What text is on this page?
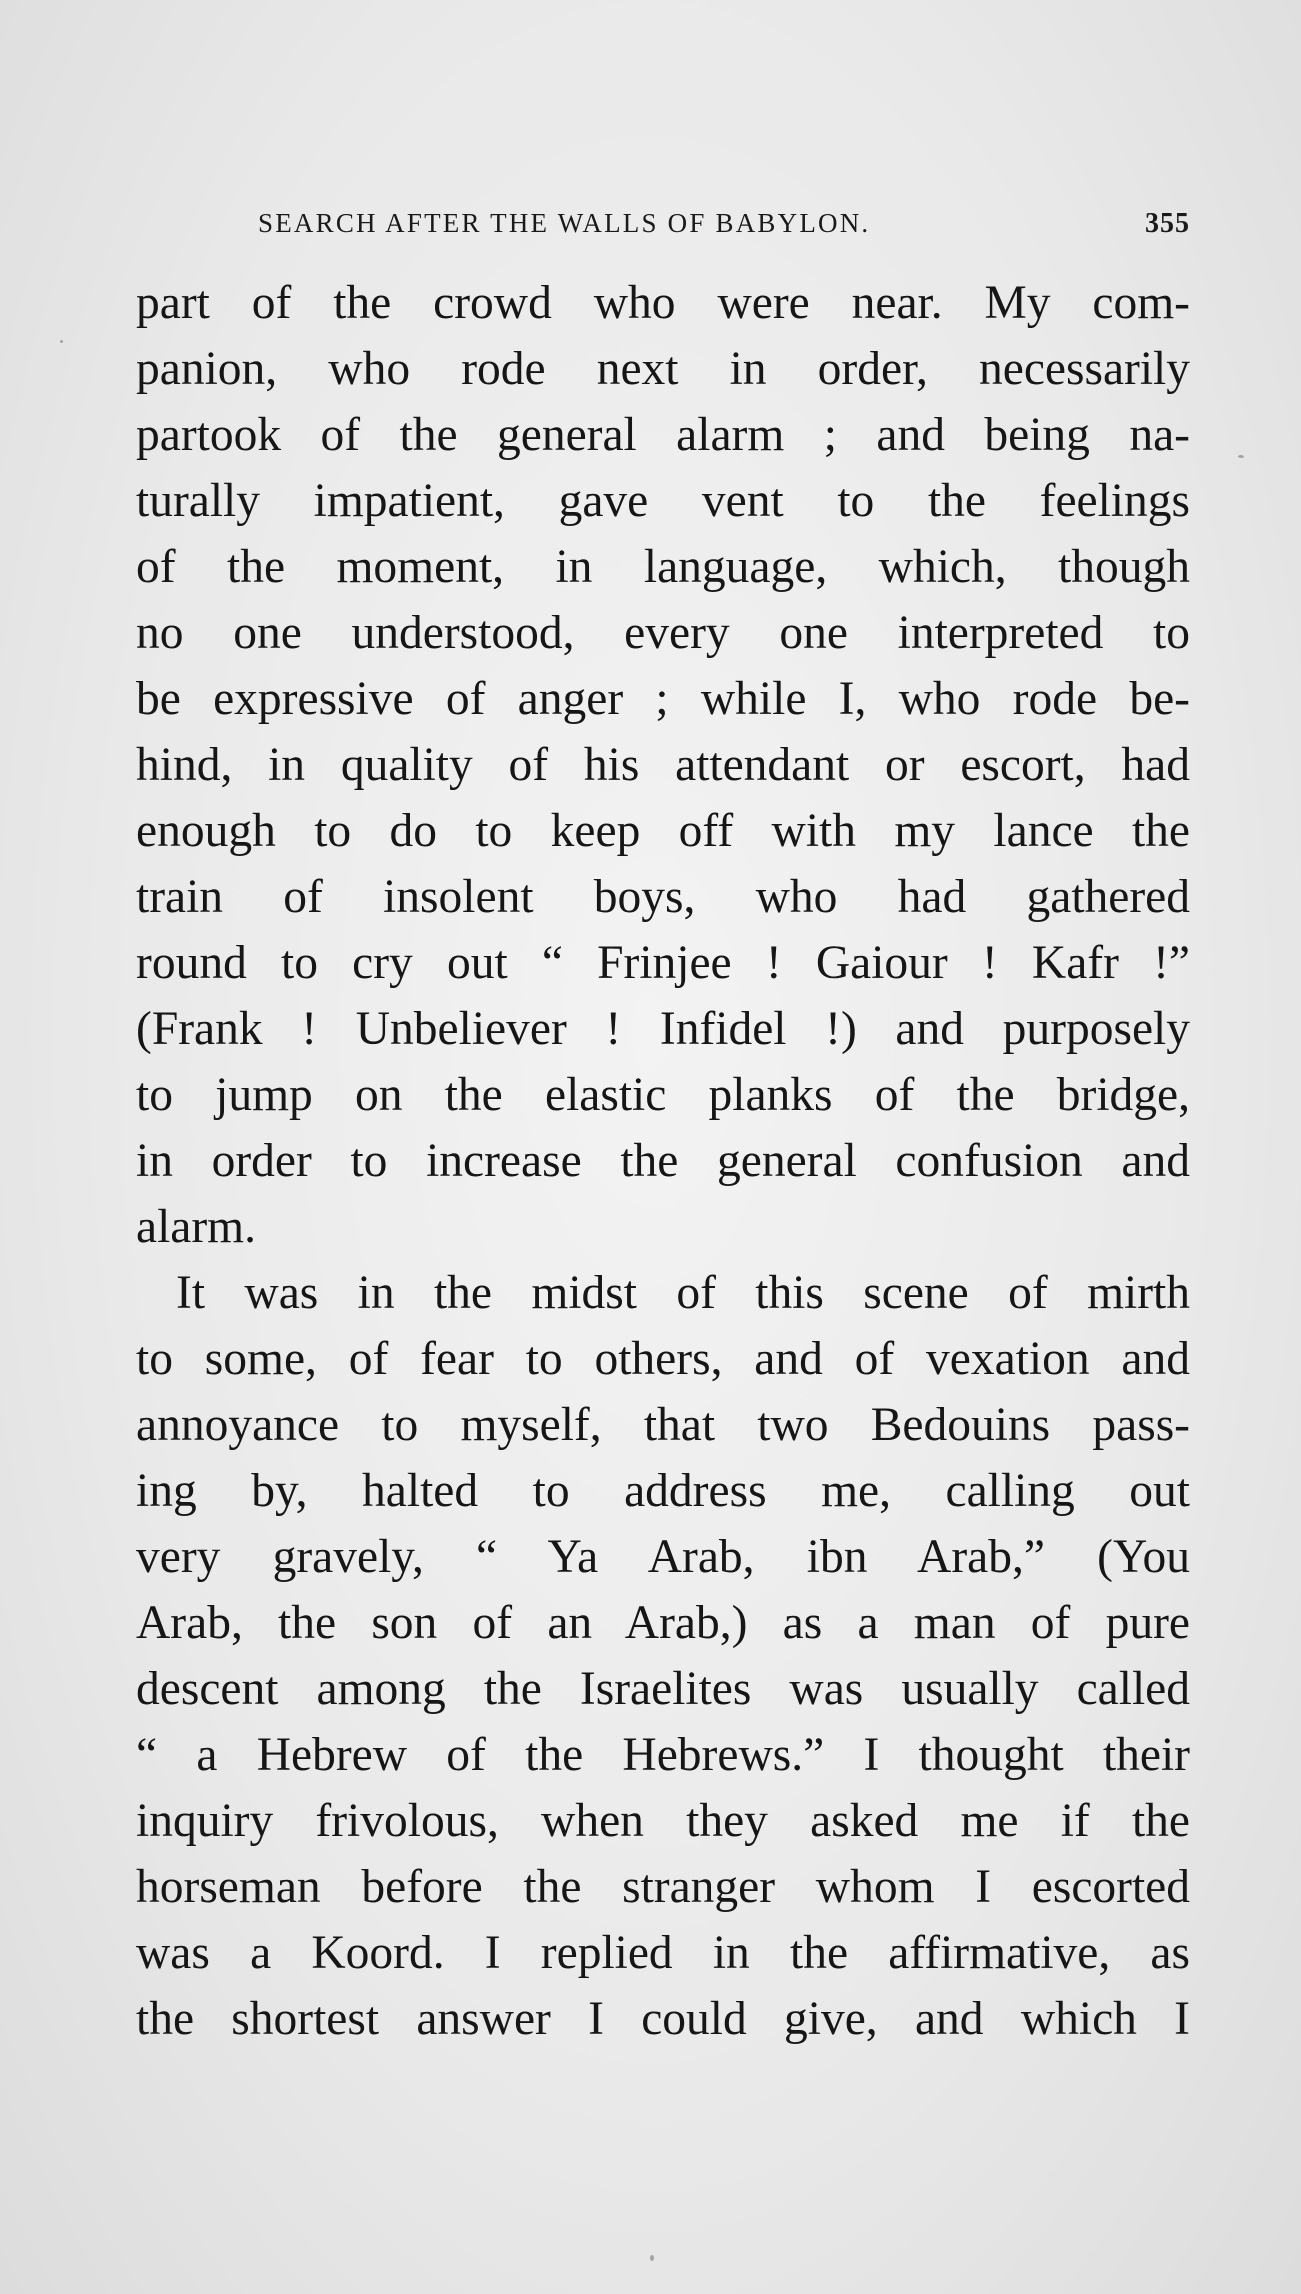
SEARCH AFTER THE WALLS OF BABYLON.	355
part of the crowd who were near. My com-
panion, who rode next in order, necessarily
partook of the general alarm ; and being na-
turally impatient, gave vent to the feelings
of the moment, in language, which, though
no one understood, every one interpreted to
be expressive of anger ; while I, who rode be-
hind, in quality of his attendant or escort, had
enough to do to keep off with my lance the
train of insolent boys, who had gathered
round to cry out “ Frinjee ! Gaiour ! Kafr !”
(Frank ! Unbeliever ! Infidel !) and purposely
to jump on the elastic planks of the bridge,
in order to increase the general confusion and
alarm.
It was in the midst of this scene of mirth
to some, of fear to others, and of vexation and
annoyance to myself, that two Bedouins pass-
ing by, halted to address me, calling out
very gravely, “ Ya Arab, ibn Arab,” (You
Arab, the son of an Arab,) as a man of pure
descent among the Israelites was usually called
“ a Hebrew of the Hebrews.” I thought their
inquiry frivolous, when they asked me if the
horseman before the stranger whom I escorted
was a Koord. I replied in the affirmative, as
the shortest answer I could give, and which I
